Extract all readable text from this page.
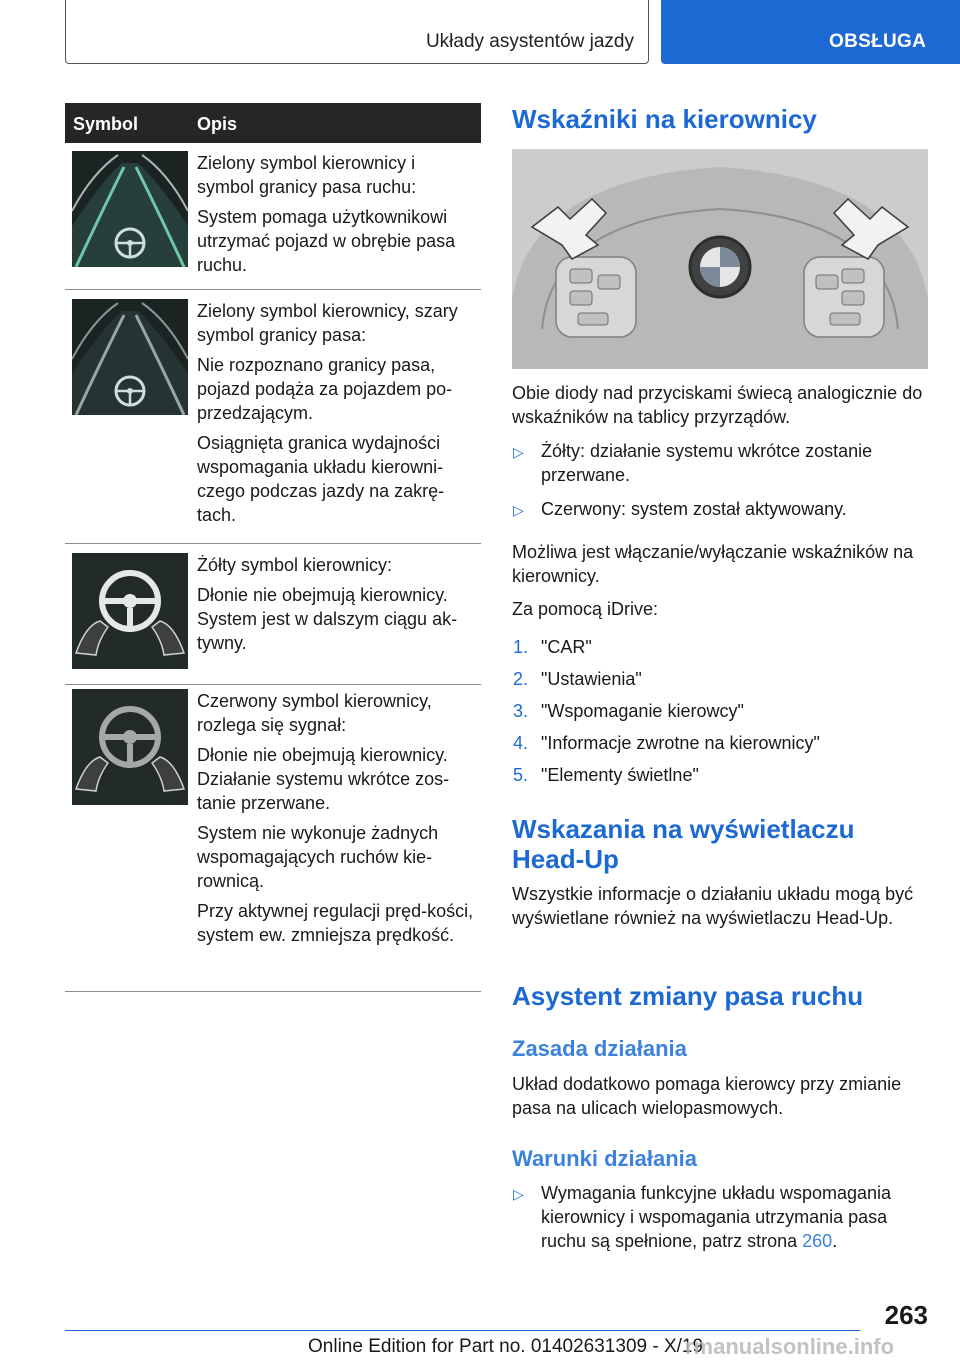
Układy asystentów jazdy	OBSŁUGA
Symbol	Opis

Zielony symbol kierownicy i symbol granicy pasa ruchu:

System pomaga użytkownikowi utrzymać pojazd w obrębie pasa ruchu.

Zielony symbol kierownicy, szary symbol granicy pasa:

Nie rozpoznano granicy pasa, pojazd podąża za pojazdem po-przedzającym.

Osiągnięta granica wydajności wspomagania układu kierowni-czego podczas jazdy na zakrę-tach.

Żółty symbol kierownicy:

Dłonie nie obejmują kierownicy. System jest w dalszym ciągu ak-tywny.

Czerwony symbol kierownicy, rozlega się sygnał:

Dłonie nie obejmują kierownicy. Działanie systemu wkrótce zos-tanie przerwane.

System nie wykonuje żadnych wspomagających ruchów kie-rownicą.

Przy aktywnej regulacji pręd-kości, system ew. zmniejsza prędkość.

Wskaźniki na kierownicy

Obie diody nad przyciskami świecą analogicznie do wskaźników na tablicy przyrządów.

▷ Żółty: działanie systemu wkrótce zostanie przerwane.
▷ Czerwony: system został aktywowany.

Możliwa jest włączanie/wyłączanie wskaźników na kierownicy.

Za pomocą iDrive:

1. "CAR"
2. "Ustawienia"
3. "Wspomaganie kierowcy"
4. "Informacje zwrotne na kierownicy"
5. "Elementy świetlne"
Wskazania na wyświetlaczu
Head-Up

Wszystkie informacje o działaniu układu mogą być wyświetlane również na wyświetlaczu Head-Up.

Asystent zmiany pasa ruchu
Zasada działania

Układ dodatkowo pomaga kierowcy przy zmianie pasa na ulicach wielopasmowych.

Warunki działania
▷ Wymagania funkcyjne układu wspomagania kierownicy i wspomagania utrzymania pasa ruchu są spełnione, patrz strona 260.
263
Online Edition for Part no. 01402631309 - X/19
rmanualsonline.info
